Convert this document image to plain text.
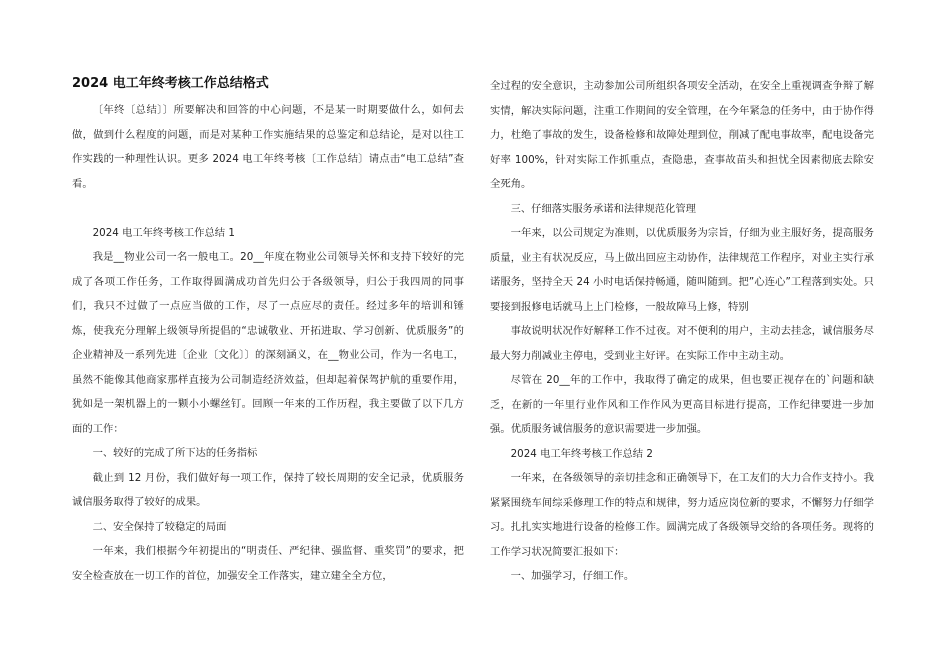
2024 电工年终考核工作总结格式

〔年终〔总结〕〕所要解决和回答的中心问题，不是某一时期要做什么，如何去做，做到什么程度的问题，而是对某种工作实施结果的总鉴定和总结论，是对以往工作实践的一种理性认识。更多 2024 电工年终考核〔工作总结〕请点击“电工总结”查看。

2024 电工年终考核工作总结 1

我是__物业公司一名一般电工。20__年度在物业公司领导关怀和支持下较好的完成了各项工作任务，工作取得圆满成功首先归公于各级领导，归公于我四周的同事们，我只不过做了一点应当做的工作，尽了一点应尽的责任。经过多年的培训和锤炼，使我充分理解上级领导所提倡的“忠诚敬业、开拓进取、学习创新、优质服务”的企业精神及一系列先进〔企业〔文化〕〕的深刻涵义，在__物业公司，作为一名电工，虽然不能像其他商家那样直接为公司制造经济效益，但却起着保驾护航的重要作用，犹如是一架机器上的一颗小小螺丝钉。回顾一年来的工作历程，我主要做了以下几方面的工作：

一、较好的完成了所下达的任务指标

截止到 12 月份，我们做好每一项工作，保持了较长周期的安全记录，优质服务诚信服务取得了较好的成果。

二、安全保持了较稳定的局面

一年来，我们根据今年初提出的“明责任、严纪律、强监督、重奖罚”的要求，把安全检查放在一切工作的首位，加强安全工作落实，建立建全全方位，

全过程的安全意识，主动参加公司所组织各项安全活动，在安全上重视调查争辩了解实情，解决实际问题，注重工作期间的安全管理，在今年紧急的任务中，由于协作得力，杜绝了事故的发生，设备检修和故障处理到位，削减了配电事故率，配电设备完好率 100%，针对实际工作抓重点，查隐患，查事故苗头和担忧全因素彻底去除安全死角。

三、仔细落实服务承诺和法律规范化管理

一年来，以公司规定为准则，以优质服务为宗旨，仔细为业主服好务，提高服务质量，业主有状况反应，马上做出回应主动协作，法律规范工作程序，对业主实行承诺服务，坚持全天 24 小时电话保持畅通，随叫随到。把”心连心”工程落到实处。只要接到报修电话就马上上门检修，一般故障马上修，特别

事故说明状况作好解释工作不过夜。对不便利的用户，主动去挂念，诚信服务尽最大努力削减业主停电，受到业主好评。在实际工作中主动主动。

尽管在 20__年的工作中，我取得了确定的成果，但也要正视存在的`问题和缺乏，在新的一年里行业作风和工作作风为更高目标进行提高，工作纪律要进一步加强。优质服务诚信服务的意识需要进一步加强。

2024 电工年终考核工作总结 2

一年来，在各级领导的亲切挂念和正确领导下，在工友们的大力合作支持小。我紧紧围绕车间综采修理工作的特点和规律，努力适应岗位新的要求，不懈努力仔细学习。扎扎实实地进行设备的检修工作。圆满完成了各级领导交给的各项任务。现将的工作学习状况简要汇报如下：

一、加强学习，仔细工作。
